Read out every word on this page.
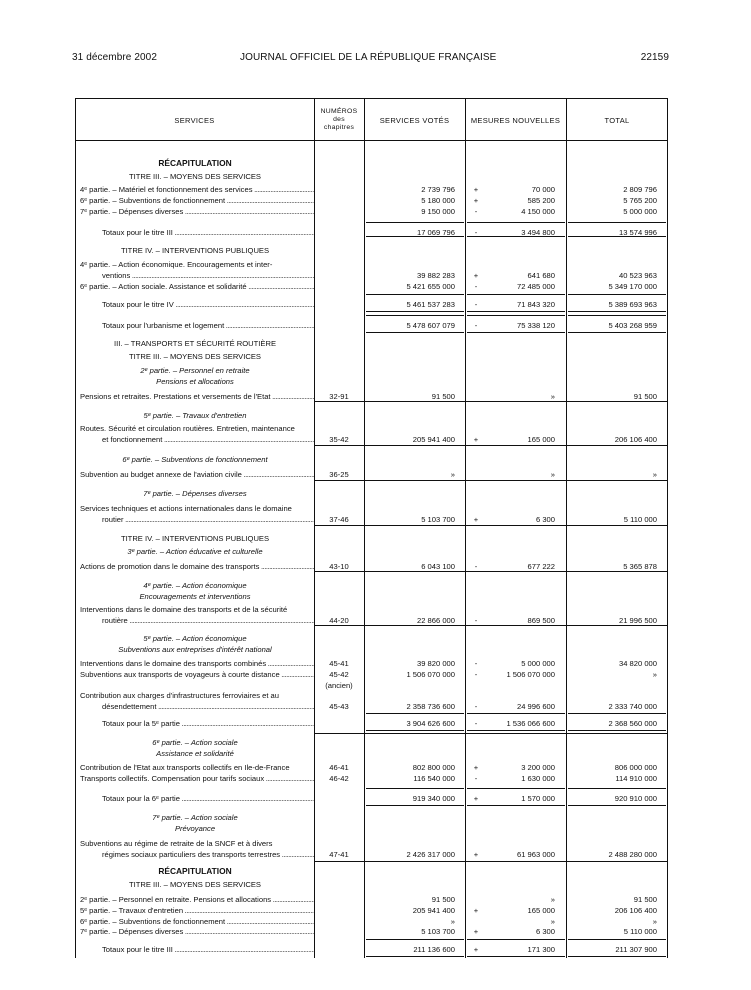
31 décembre 2002	JOURNAL OFFICIEL DE LA RÉPUBLIQUE FRANÇAISE	22159
SERVICES
NUMÉROS
des
chapitres
SERVICES VOTÉS	MESURES NOUVELLES	TOTAL
RÉCAPITULATION
TITRE III. – MOYENS DES SERVICES
4ᵉ partie. – Matériel et fonctionnement des services .....	2 739 796	+	70 000	2 809 796
6ᵉ partie. – Subventions de fonctionnement .....	5 180 000	+	585 200	5 765 200
7ᵉ partie. – Dépenses diverses .....	9 150 000	-	4 150 000	5 000 000
Totaux pour le titre III .....	17 069 796	-	3 494 800	13 574 996
TITRE IV. – INTERVENTIONS PUBLIQUES
4ᵉ partie. – Action économique. Encouragements et inter-
ventions .....	39 882 283	+	641 680	40 523 963
6ᵉ partie. – Action sociale. Assistance et solidarité .....	5 421 655 000	-	72 485 000	5 349 170 000
Totaux pour le titre IV .....	5 461 537 283	-	71 843 320	5 389 693 963
Totaux pour l'urbanisme et logement .....	5 478 607 079	-	75 338 120	5 403 268 959
III. – TRANSPORTS ET SÉCURITÉ ROUTIÈRE
TITRE III. – MOYENS DES SERVICES
2ᵉ partie. – Personnel en retraite
Pensions et allocations
Pensions et retraites. Prestations et versements de l'Etat .....	32-91	91 500	»	91 500
5ᵉ partie. – Travaux d'entretien
Routes. Sécurité et circulation routières. Entretien, maintenance
et fonctionnement .....	35-42	205 941 400	+	165 000	206 106 400
6ᵉ partie. – Subventions de fonctionnement
Subvention au budget annexe de l'aviation civile .....	36-25	»	»	»
7ᵉ partie. – Dépenses diverses
Services techniques et actions internationales dans le domaine
routier .....	37-46	5 103 700	+	6 300	5 110 000
TITRE IV. – INTERVENTIONS PUBLIQUES
3ᵉ partie. – Action éducative et culturelle
Actions de promotion dans le domaine des transports .....	43-10	6 043 100	-	677 222	5 365 878
4ᵉ partie. – Action économique
Encouragements et interventions
Interventions dans le domaine des transports et de la sécurité
routière .....	44-20	22 866 000	-	869 500	21 996 500
5ᵉ partie. – Action économique
Subventions aux entreprises d'intérêt national
Interventions dans le domaine des transports combinés .....	45-41	39 820 000	-	5 000 000	34 820 000
Subventions aux transports de voyageurs à courte distance .....	45-42	1 506 070 000	-	1 506 070 000	»
(ancien)
Contribution aux charges d'infrastructures ferroviaires et au
désendettement .....	45-43	2 358 736 600	-	24 996 600	2 333 740 000
Totaux pour la 5ᵉ partie .....	3 904 626 600	-	1 536 066 600	2 368 560 000
6ᵉ partie. – Action sociale
Assistance et solidarité
Contribution de l'Etat aux transports collectifs en Ile-de-France	46-41	802 800 000	+	3 200 000	806 000 000
Transports collectifs. Compensation pour tarifs sociaux .....	46-42	116 540 000	-	1 630 000	114 910 000
Totaux pour la 6ᵉ partie .....	919 340 000	+	1 570 000	920 910 000
7ᵉ partie. – Action sociale
Prévoyance
Subventions au régime de retraite de la SNCF et à divers
régimes sociaux particuliers des transports terrestres .....	47-41	2 426 317 000	+	61 963 000	2 488 280 000
RÉCAPITULATION
TITRE III. – MOYENS DES SERVICES
2ᵉ partie. – Personnel en retraite. Pensions et allocations .....	91 500	»	91 500
5ᵉ partie. – Travaux d'entretien .....	205 941 400	+	165 000	206 106 400
6ᵉ partie. – Subventions de fonctionnement .....	»	»	»
7ᵉ partie. – Dépenses diverses .....	5 103 700	+	6 300	5 110 000
Totaux pour le titre III .....	211 136 600	+	171 300	211 307 900
